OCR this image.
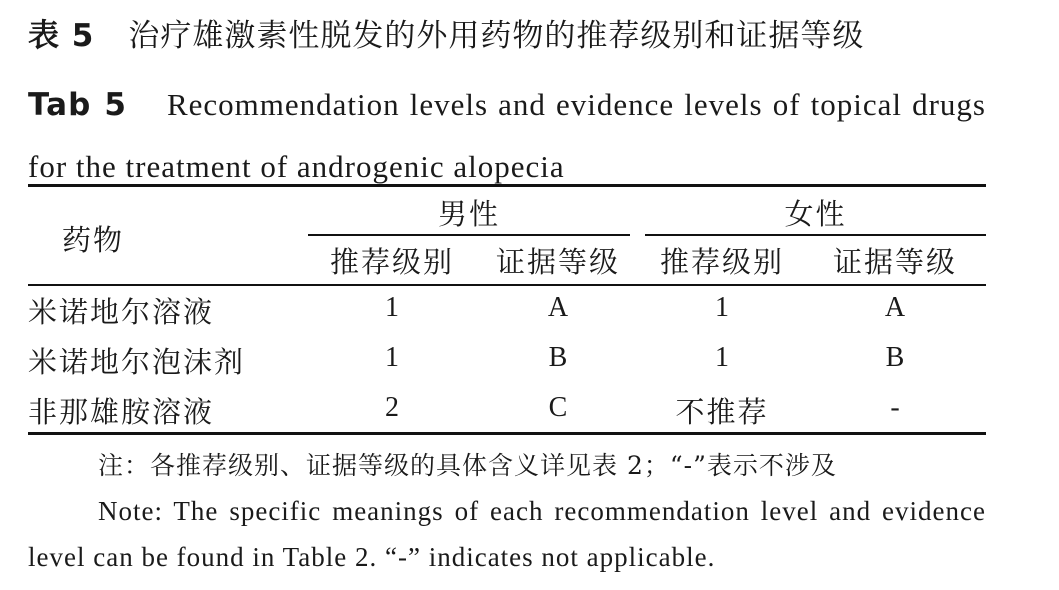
表 5 治疗雄激素性脱发的外用药物的推荐级别和证据等级
Tab 5 Recommendation levels and evidence levels of topical drugs for the treatment of androgenic alopecia
药物
男性	女性
推荐级别	证据等级	推荐级别	证据等级
米诺地尔溶液	1	A	1	A
米诺地尔泡沫剂	1	B	1	B
非那雄胺溶液	2	C	不推荐	-
注：各推荐级别、证据等级的具体含义详见表 2；“-”表示不涉及
Note: The specific meanings of each recommendation level and evidence level can be found in Table 2. “-” indicates not applicable.
